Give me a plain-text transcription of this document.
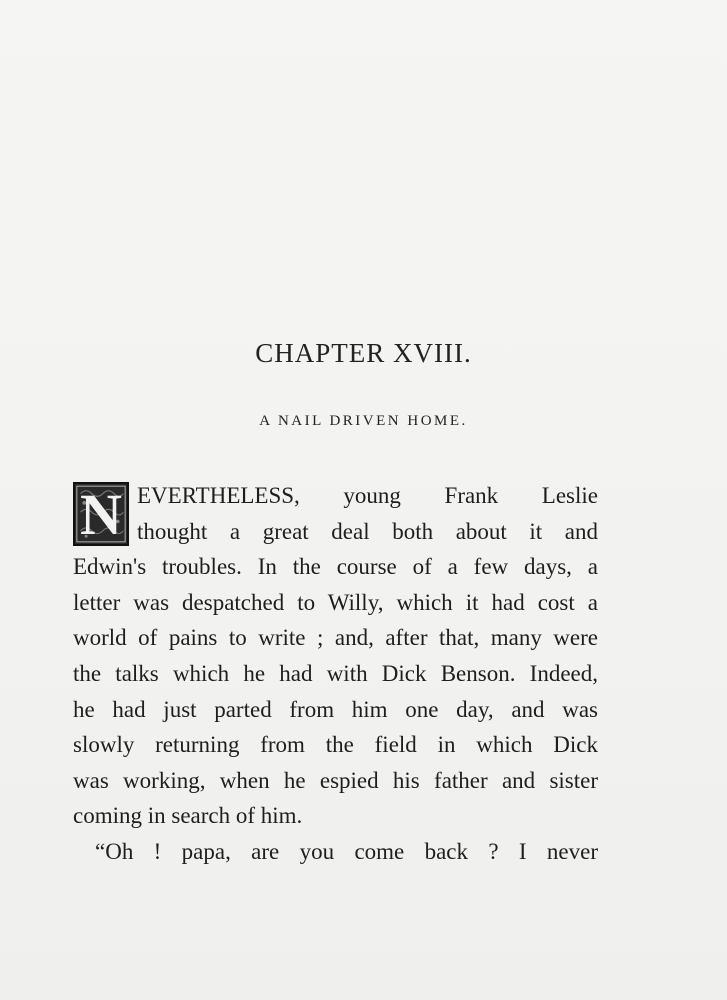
CHAPTER XVIII.
A NAIL DRIVEN HOME.
N EVERTHELESS, young Frank Leslie
thought a great deal both about it and
Edwin's troubles. In the course of a few days, a
letter was despatched to Willy, which it had cost a
world of pains to write ; and, after that, many were
the talks which he had with Dick Benson. Indeed,
he had just parted from him one day, and was
slowly returning from the field in which Dick
was working, when he espied his father and sister
coming in search of him.
“Oh ! papa, are you come back ? I never
